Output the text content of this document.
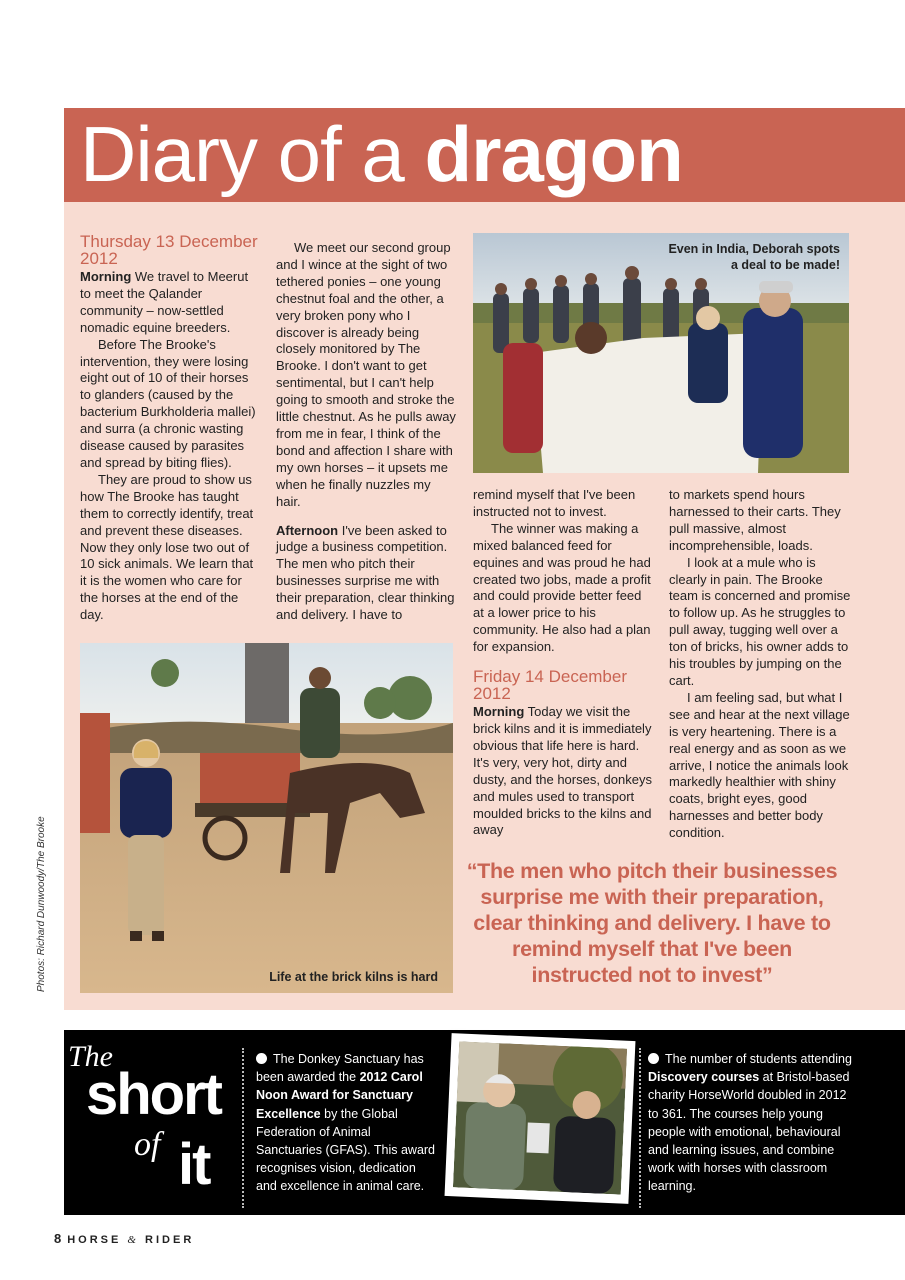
Diary of a dragon
Thursday 13 December 2012

Morning We travel to Meerut to meet the Qalander community – now-settled nomadic equine breeders.

Before The Brooke's intervention, they were losing eight out of 10 of their horses to glanders (caused by the bacterium Burkholderia mallei) and surra (a chronic wasting disease caused by parasites and spread by biting flies).

They are proud to show us how The Brooke has taught them to correctly identify, treat and prevent these diseases. Now they only lose two out of 10 sick animals. We learn that it is the women who care for the horses at the end of the day.

We meet our second group and I wince at the sight of two tethered ponies – one young chestnut foal and the other, a very broken pony who I discover is already being closely monitored by The Brooke. I don't want to get sentimental, but I can't help going to smooth and stroke the little chestnut. As he pulls away from me in fear, I think of the bond and affection I share with my own horses – it upsets me when he finally nuzzles my hair.

Afternoon I've been asked to judge a business competition. The men who pitch their businesses surprise me with their preparation, clear thinking and delivery. I have to

Even in India, Deborah spots
a deal to be made!

remind myself that I've been instructed not to invest.

The winner was making a mixed balanced feed for equines and was proud he had created two jobs, made a profit and could provide better feed at a lower price to his community. He also had a plan for expansion.

Friday 14 December 2012

Morning Today we visit the brick kilns and it is immediately obvious that life here is hard. It's very, very hot, dirty and dusty, and the horses, donkeys and mules used to transport moulded bricks to the kilns and away

to markets spend hours harnessed to their carts. They pull massive, almost incomprehensible, loads.

I look at a mule who is clearly in pain. The Brooke team is concerned and promise to follow up. As he struggles to pull away, tugging well over a ton of bricks, his owner adds to his troubles by jumping on the cart.

I am feeling sad, but what I see and hear at the next village is very heartening. There is a real energy and as soon as we arrive, I notice the animals look markedly healthier with shiny coats, bright eyes, good harnesses and better body condition.

Life at the brick kilns is hard
“The men who pitch their businesses surprise me with their preparation, clear thinking and delivery. I have to remind myself that I've been instructed not to invest”
Photos: Richard Dunwoody/The Brooke
The
short
of it
The Donkey Sanctuary has been awarded the 2012 Carol Noon Award for Sanctuary Excellence by the Global Federation of Animal Sanctuaries (GFAS). This award recognises vision, dedication and excellence in animal care.
The number of students attending Discovery courses at Bristol-based charity HorseWorld doubled in 2012 to 361. The courses help young people with emotional, behavioural and learning issues, and combine work with horses with classroom learning.
8 HORSE & RIDER
